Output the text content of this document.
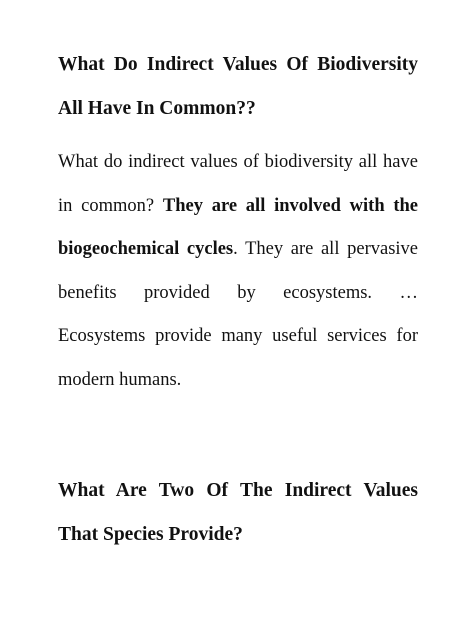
What Do Indirect Values Of Biodiversity All Have In Common??

What do indirect values of biodiversity all have in common? They are all involved with the biogeochemical cycles. They are all pervasive benefits provided by ecosystems. … Ecosystems provide many useful services for modern humans.

What Are Two Of The Indirect Values That Species Provide?
